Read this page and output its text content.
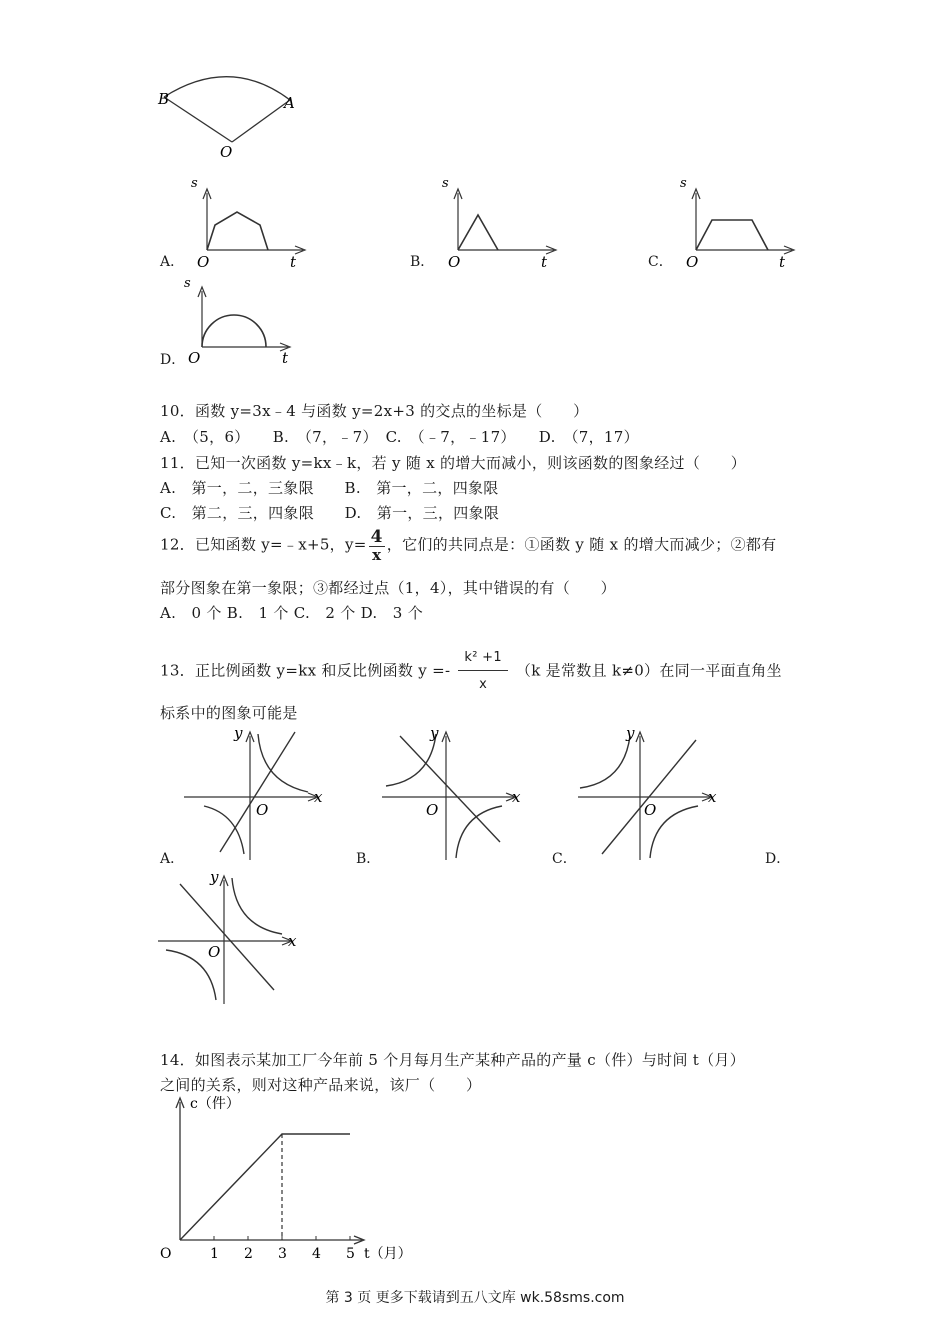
B	A
O
A．
s
O	t	B．
s
O	t	C．
s
O	t
D．
s
O	t
10．函数 y=3x﹣4 与函数 y=2x+3 的交点的坐标是（　　）
A.　（5，6）　　B.　（7，﹣7）　C.　（﹣7，﹣17）　　D.　（7，17）
11．已知一次函数 y=kx﹣k，若 y 随 x 的增大而减小，则该函数的图象经过（　　）
A.　第一，二，三象限　　B.　第一，二，四象限
C.　第二，三，四象限　　D.　第一，三，四象限
12．已知函数 y=﹣x+5，$y= \frac{4}{x}$ ，它们的共同点是：①函数 y 随 x 的增大而减少；②都有
部分图象在第一象限；③都经过点（1，4），其中错误的有（　　）
A.　0 个 B.　1 个 C.　2 个 D.　3 个
13．正比例函数 y=kx 和反比例函数 $y =- \frac{\text{k² +1}}{x} (k$ 是常数且 k≠0）在同一平面直角坐
标系中的图象可能是
A．
y
O
x
B．
y
O
x
C．
y
O
x
D．
y
O
x
14．如图表示某加工厂今年前 5 个月每月生产某种产品的产量 c（件）与时间 t（月）
之间的关系，则对这种产品来说，该厂（　　）
c（件）
O	t（月）
1 2 3 4 5
第 3 页 更多下载请到五八文库 wk.58sms.com
